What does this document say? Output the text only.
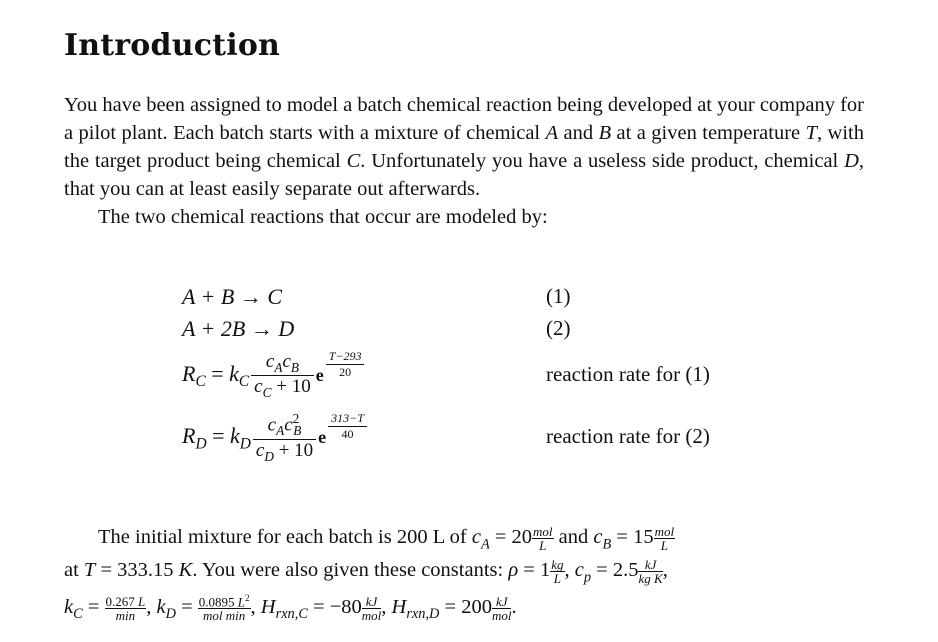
Introduction
You have been assigned to model a batch chemical reaction being developed at your company for a pilot plant. Each batch starts with a mixture of chemical A and B at a given temperature T, with the target product being chemical C. Unfortunately you have a useless side product, chemical D, that you can at least easily separate out afterwards.
The two chemical reactions that occur are modeled by:
A + B → C	(1)
A + 2B → D	(2)
$R_C = k_C \frac{c_Ac_B}{c_C + 10}$ e $\frac{T-293}{20}$	reaction rate for (1)
$R_D = k_D \frac{c_Ac^2_B}{c_D + 10}$ e $\frac{313-T}{40}$	reaction rate for (2)
The initial mixture for each batch is 200 L of $c_A = 20$ mol
L and $c_B = 15$ mol
L
at T = 333.15 K. You were also given these constants: $\rho = 1 \frac{kg}{L}$ , $c_p = 2.5 \frac{kJ}{\text{kg K}}$ ,
$k_C = 0.267$ L
min , $k_D = 0.0895$ $L^2$
mol min , $H_{rxn,C} = -80$ kJ
mol , $H_{rxn,D} = 200$ kJ
mol .
